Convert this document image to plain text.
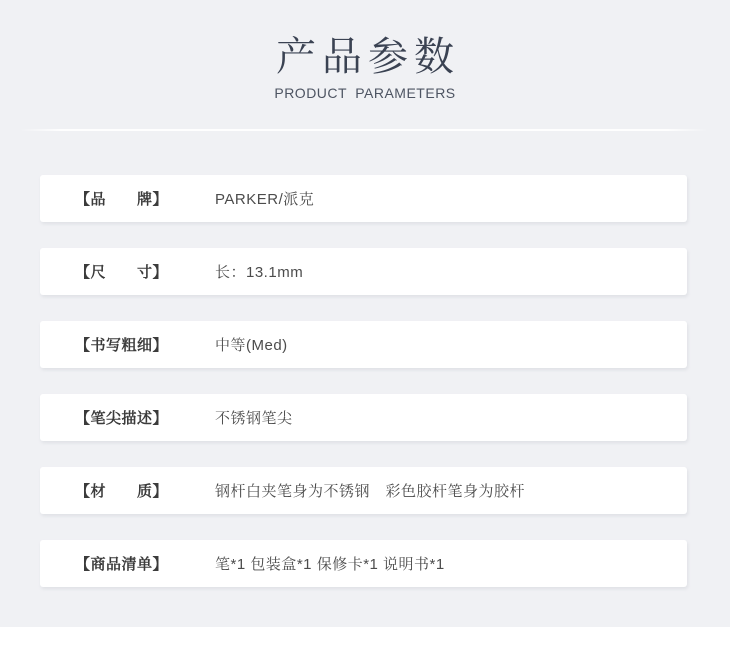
产品参数
PRODUCT PARAMETERS
【品　　牌】	PARKER/派克
【尺　　寸】	长：13.1mm
【书写粗细】	中等(Med)
【笔尖描述】	不锈钢笔尖
【材　　质】	钢杆白夹笔身为不锈钢　彩色胶杆笔身为胶杆
【商品清单】	笔*1 包装盒*1 保修卡*1 说明书*1
